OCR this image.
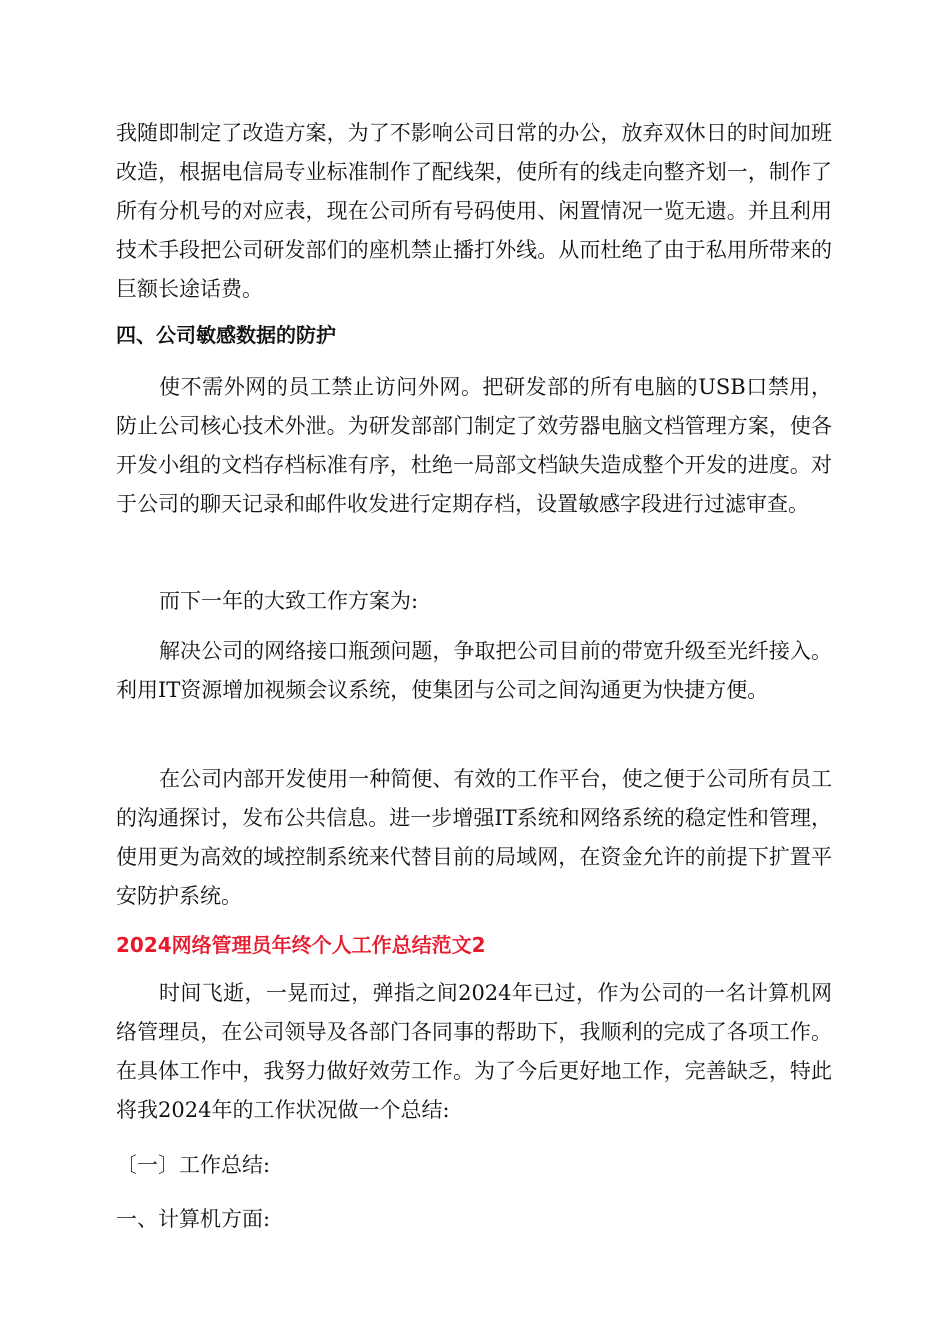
我随即制定了改造方案，为了不影响公司日常的办公，放弃双休日的时间加班改造，根据电信局专业标准制作了配线架，使所有的线走向整齐划一，制作了所有分机号的对应表，现在公司所有号码使用、闲置情况一览无遗。并且利用技术手段把公司研发部们的座机禁止播打外线。从而杜绝了由于私用所带来的巨额长途话费。

四、公司敏感数据的防护

使不需外网的员工禁止访问外网。把研发部的所有电脑的USB口禁用，防止公司核心技术外泄。为研发部部门制定了效劳器电脑文档管理方案，使各开发小组的文档存档标准有序，杜绝一局部文档缺失造成整个开发的进度。对于公司的聊天记录和邮件收发进行定期存档，设置敏感字段进行过滤审查。

而下一年的大致工作方案为:

解决公司的网络接口瓶颈问题，争取把公司目前的带宽升级至光纤接入。利用IT资源增加视频会议系统，使集团与公司之间沟通更为快捷方便。

在公司内部开发使用一种简便、有效的工作平台，使之便于公司所有员工的沟通探讨，发布公共信息。进一步增强IT系统和网络系统的稳定性和管理，使用更为高效的域控制系统来代替目前的局域网，在资金允许的前提下扩置平安防护系统。

2024网络管理员年终个人工作总结范文2

时间飞逝，一晃而过，弹指之间2024年已过，作为公司的一名计算机网络管理员，在公司领导及各部门各同事的帮助下，我顺利的完成了各项工作。在具体工作中，我努力做好效劳工作。为了今后更好地工作，完善缺乏，特此将我2024年的工作状况做一个总结:

〔一〕工作总结:

一、计算机方面:
